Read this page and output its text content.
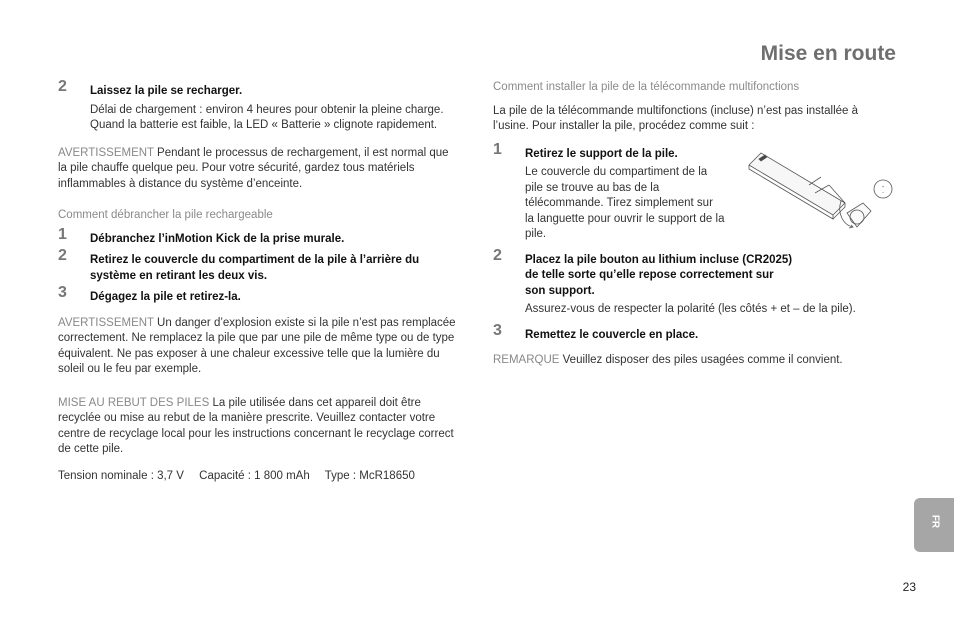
Mise en route
2 Laissez la pile se recharger.
Délai de chargement : environ 4 heures pour obtenir la pleine charge.
Quand la batterie est faible, la LED « Batterie » clignote rapidement.

AVERTISSEMENT Pendant le processus de rechargement, il est normal que la pile chauffe quelque peu. Pour votre sécurité, gardez tous matériels inflammables à distance du système d’enceinte.

Comment débrancher la pile rechargeable

1 Débranchez l’inMotion Kick de la prise murale.
2 Retirez le couvercle du compartiment de la pile à l’arrière du système en retirant les deux vis.
3 Dégagez la pile et retirez-la.

AVERTISSEMENT Un danger d’explosion existe si la pile n’est pas remplacée correctement. Ne remplacez la pile que par une pile de même type ou de type équivalent. Ne pas exposer à une chaleur excessive telle que la lumière du soleil ou le feu par exemple.

MISE AU REBUT DES PILES La pile utilisée dans cet appareil doit être recyclée ou mise au rebut de la manière prescrite. Veuillez contacter votre centre de recyclage local pour les instructions concernant le recyclage correct de cette pile.

Tension nominale : 3,7 V Capacité : 1 800 mAh Type : McR18650

Comment installer la pile de la télécommande multifonctions

La pile de la télécommande multifonctions (incluse) n’est pas installée à l’usine. Pour installer la pile, procédez comme suit :

1 Retirez le support de la pile.
Le couvercle du compartiment de la pile se trouve au bas de la télécommande. Tirez simplement sur la languette pour ouvrir le support de la pile.
2 Placez la pile bouton au lithium incluse (CR2025) de telle sorte qu’elle repose correctement sur son support.
Assurez-vous de respecter la polarité (les côtés + et – de la pile).
3 Remettez le couvercle en place.

REMARQUE Veuillez disposer des piles usagées comme il convient.

+
–
FR
23
